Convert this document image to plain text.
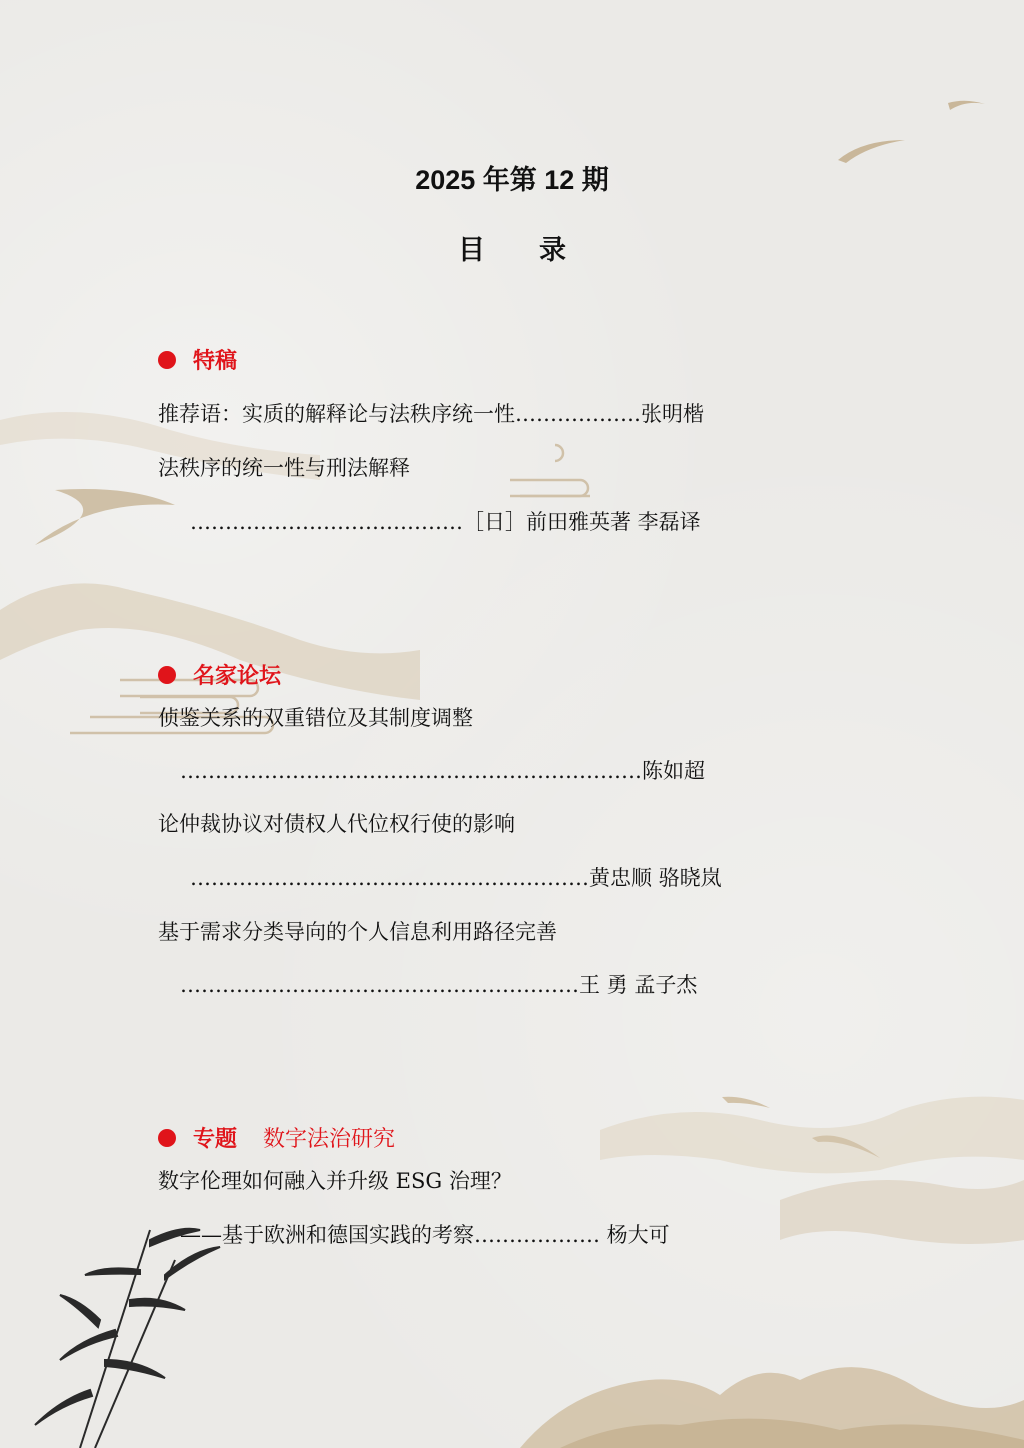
2025 年第 12 期
目　　录
特稿
推荐语：实质的解释论与法秩序统一性………………张明楷
法秩序的统一性与刑法解释
…………………………………［日］前田雅英著 李磊译
名家论坛
侦鉴关系的双重错位及其制度调整
…………………………………………………………陈如超
论仲裁协议对债权人代位权行使的影响
…………………………………………………黄忠顺 骆晓岚
基于需求分类导向的个人信息利用路径完善
…………………………………………………王 勇 孟子杰
专题 数字法治研究
数字伦理如何融入并升级 ESG 治理？
——基于欧洲和德国实践的考察……………… 杨大可
